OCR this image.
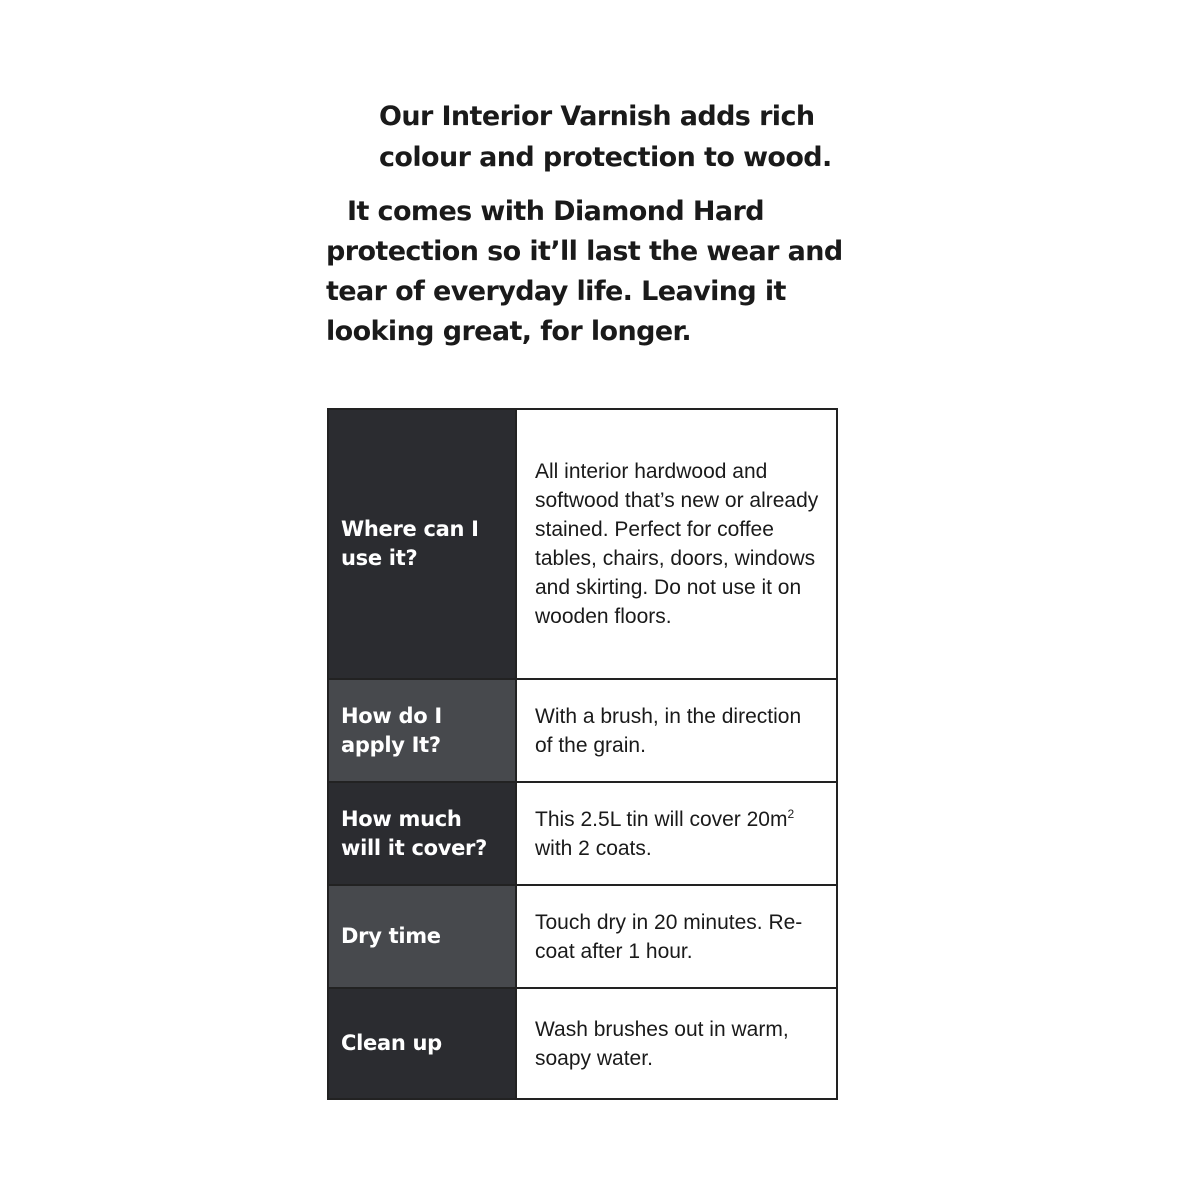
Our Interior Varnish adds rich
colour and protection to wood.
It comes with Diamond Hard
protection so it’ll last the wear and
tear of everyday life. Leaving it
looking great, for longer.
Where can I use it?
All interior hardwood and softwood that’s new or already stained. Perfect for coffee tables, chairs, doors, windows and skirting. Do not use it on wooden floors.
How do I apply It?
With a brush, in the direction of the grain.
How much will it cover?
This 2.5L tin will cover $20m^2$ with 2 coats.
Dry time
Touch dry in 20 minutes. Re-coat after 1 hour.
Clean up
Wash brushes out in warm, soapy water.
